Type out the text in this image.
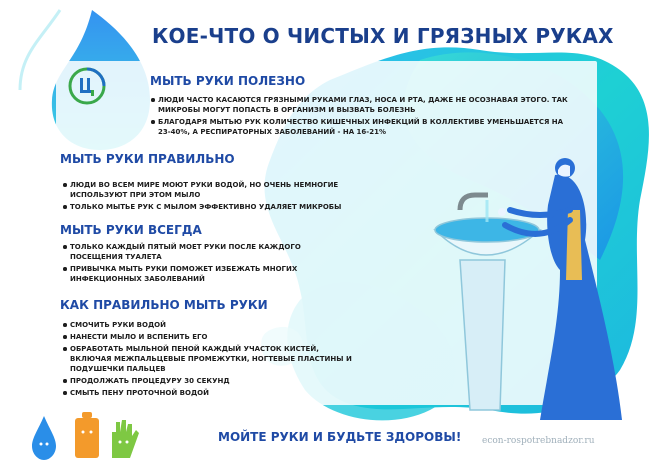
КОЕ-ЧТО О ЧИСТЫХ И ГРЯЗНЫХ РУКАХ
МЫТЬ РУКИ ПОЛЕЗНО
ЛЮДИ ЧАСТО КАСАЮТСЯ ГРЯЗНЫМИ РУКАМИ ГЛАЗ, НОСА И РТА, ДАЖЕ НЕ ОСОЗНАВАЯ ЭТОГО. ТАК МИКРОБЫ МОГУТ ПОПАСТЬ В ОРГАНИЗМ И ВЫЗВАТЬ БОЛЕЗНЬ
БЛАГОДАРЯ МЫТЬЮ РУК КОЛИЧЕСТВО КИШЕЧНЫХ ИНФЕКЦИЙ В КОЛЛЕКТИВЕ УМЕНЬШАЕТСЯ НА 23-40%, А РЕСПИРАТОРНЫХ ЗАБОЛЕВАНИЙ - НА 16-21%
МЫТЬ РУКИ ПРАВИЛЬНО
ЛЮДИ ВО ВСЕМ МИРЕ МОЮТ РУКИ ВОДОЙ, НО ОЧЕНЬ НЕМНОГИЕ ИСПОЛЬЗУЮТ ПРИ ЭТОМ МЫЛО
ТОЛЬКО МЫТЬЕ РУК С МЫЛОМ ЭФФЕКТИВНО УДАЛЯЕТ МИКРОБЫ
МЫТЬ РУКИ ВСЕГДА
ТОЛЬКО КАЖДЫЙ ПЯТЫЙ МОЕТ РУКИ ПОСЛЕ КАЖДОГО ПОСЕЩЕНИЯ ТУАЛЕТА
ПРИВЫЧКА МЫТЬ РУКИ ПОМОЖЕТ ИЗБЕЖАТЬ МНОГИХ ИНФЕКЦИОННЫХ ЗАБОЛЕВАНИЙ
КАК ПРАВИЛЬНО МЫТЬ РУКИ
СМОЧИТЬ РУКИ ВОДОЙ
НАНЕСТИ МЫЛО И ВСПЕНИТЬ ЕГО
ОБРАБОТАТЬ МЫЛЬНОЙ ПЕНОЙ КАЖДЫЙ УЧАСТОК КИСТЕЙ, ВКЛЮЧАЯ МЕЖПАЛЬЦЕВЫЕ ПРОМЕЖУТКИ, НОГТЕВЫЕ ПЛАСТИНЫ И ПОДУШЕЧКИ ПАЛЬЦЕВ
ПРОДОЛЖАТЬ ПРОЦЕДУРУ 30 СЕКУНД
СМЫТЬ ПЕНУ ПРОТОЧНОЙ ВОДОЙ
МОЙТЕ РУКИ И БУДЬТЕ ЗДОРОВЫ! econ-rospotrebnadzor.ru
